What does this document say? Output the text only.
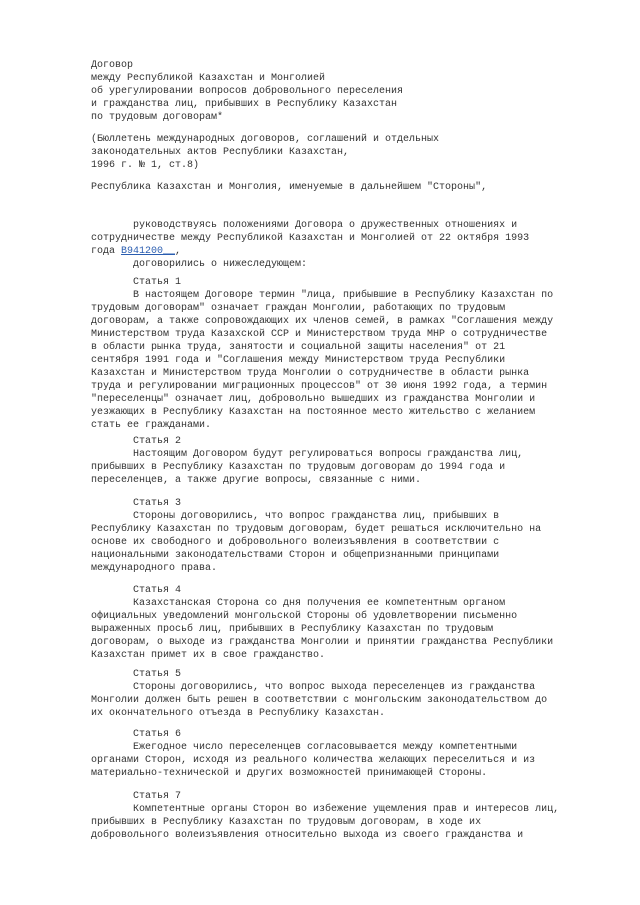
Договор
между Республикой Казахстан и Монголией
об урегулировании вопросов добровольного переселения
и гражданства лиц, прибывших в Республику Казахстан
по трудовым договорам*
(Бюллетень международных договоров, соглашений и отдельных
законодательных актов Республики Казахстан,
1996 г. № 1, ст.8)
Республика Казахстан и Монголия, именуемые в дальнейшем "Стороны",
руководствуясь положениями Договора о дружественных отношениях и
сотрудничестве между Республикой Казахстан и Монголией от 22 октября 1993
года B941200__,
договорились о нижеследующем:
Статья 1
В настоящем Договоре термин "лица, прибывшие в Республику Казахстан по
трудовым договорам" означает граждан Монголии, работающих по трудовым
договорам, а также сопровождающих их членов семей, в рамках "Соглашения между
Министерством труда Казахской ССР и Министерством труда МНР о сотрудничестве
в области рынка труда, занятости и социальной защиты населения" от 21
сентября 1991 года и "Соглашения между Министерством труда Республики
Казахстан и Министерством труда Монголии о сотрудничестве в области рынка
труда и регулировании миграционных процессов" от 30 июня 1992 года, а термин
"переселенцы" означает лиц, добровольно вышедших из гражданства Монголии и
уезжающих в Республику Казахстан на постоянное место жительство с желанием
стать ее гражданами.
Статья 2
Настоящим Договором будут регулироваться вопросы гражданства лиц,
прибывших в Республику Казахстан по трудовым договорам до 1994 года и
переселенцев, а также другие вопросы, связанные с ними.
Статья 3
Стороны договорились, что вопрос гражданства лиц, прибывших в
Республику Казахстан по трудовым договорам, будет решаться исключительно на
основе их свободного и добровольного волеизъявления в соответствии с
национальными законодательствами Сторон и общепризнанными принципами
международного права.
Статья 4
Казахстанская Сторона со дня получения ее компетентным органом
официальных уведомлений монгольской Стороны об удовлетворении письменно
выраженных просьб лиц, прибывших в Республику Казахстан по трудовым
договорам, о выходе из гражданства Монголии и принятии гражданства Республики
Казахстан примет их в свое гражданство.
Статья 5
Стороны договорились, что вопрос выхода переселенцев из гражданства
Монголии должен быть решен в соответствии с монгольским законодательством до
их окончательного отъезда в Республику Казахстан.
Статья 6
Ежегодное число переселенцев согласовывается между компетентными
органами Сторон, исходя из реального количества желающих переселиться и из
материально-технической и других возможностей принимающей Стороны.
Статья 7
Компетентные органы Сторон во избежение ущемления прав и интересов лиц,
прибывших в Республику Казахстан по трудовым договорам, в ходе их
добровольного волеизъявления относительно выхода из своего гражданства и
